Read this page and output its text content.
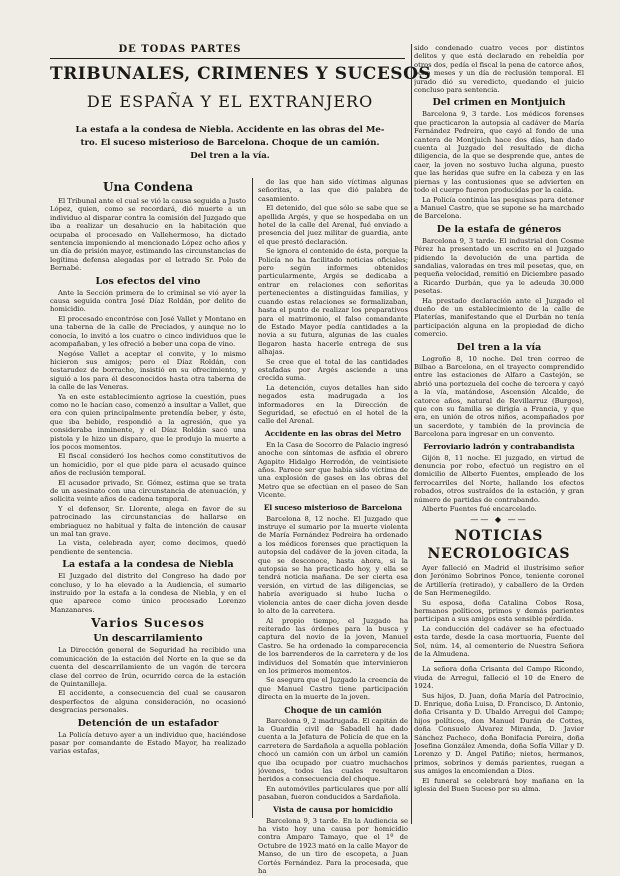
DE TODAS PARTES
TRIBUNALES, CRIMENES Y SUCESOS
DE ESPAÑA Y EL EXTRANJERO
La estafa a la condesa de Niebla. Accidente en las obras del Me-
tro. El suceso misterioso de Barcelona. Choque de un camión.
Del tren a la vía.
Una Condena

El Tribunal ante el cual se vió la causa seguida a Justo López, quien, como se recordará, dió muerte a un individuo al disparar contra la comisión del Juzgado que iba a realizar un desahucio en la habitación que ocupaba el procesado en Vallehermoso, ha dictado sentencia imponiendo al mencionado López ocho años y un día de prisión mayor, estimando las circunstancias de legítima defensa alegadas por el letrado Sr. Polo de Bernabé.

Los efectos del vino

Ante la Sección primera de lo criminal se vió ayer la causa seguida contra José Díaz Roldán, por delito de homicidio.

El procesado encontróse con José Vallet y Montano en una taberna de la calle de Preciados, y aunque no lo conocía, lo invitó a los cuatro o cinco individuos que le acompañaban, y les ofreció a beber una copa de vino.

Negóse Vallet a aceptar el convite, y lo mismo hicieron sus amigos; pero el Díaz Roldán, con testarudez de borracho, insistió en su ofrecimiento, y siguió a los para él desconocidos hasta otra taberna de la calle de las Veneras.

Ya en este establecimiento agriose la cuestión, pues como no le hacían caso, comenzó a insultar a Vallet, que era con quien principalmente pretendía beber, y éste, que iba bebido, respondió a la agresión, que ya consideraba inminente, y el Díaz Roldán sacó una pistola y le hizo un disparo, que le produjo la muerte a los pocos momentos.

El fiscal consideró los hechos como constitutivos de un homicidio, por el que pide para el acusado quince años de reclusión temporal.

El acusador privado, Sr. Gómez, estima que se trata de un asesinato con una circunstancia de atenuación, y solicita veinte años de cadena temporal.

Y el defensor, Sr. Llorente, alega en favor de su patrocinado las circunstancias de hallarse en embriaguez no habitual y falta de intención de causar un mal tan grave.

La vista, celebrada ayer, como decimos, quedó pendiente de sentencia.

La estafa a la condesa de Niebla

El Juzgado del distrito del Congreso ha dado por concluso, y lo ha elevado a la Audiencia, el sumario instruido por la estafa a la condesa de Niebla, y en el que aparece como único procesado Lorenzo Manzanares.

Varios Sucesos
Un descarrilamiento

La Dirección general de Seguridad ha recibido una comunicación de la estación del Norte en la que se da cuenta del descarrilamiento de un vagón de tercera clase del correo de Irún, ocurrido cerca de la estación de Quintanilleja.

El accidente, a consecuencia del cual se causaron desperfectos de alguna consideración, no ocasionó desgracias personales.

Detención de un estafador

La Policía detuvo ayer a un individuo que, haciéndose pasar por comandante de Estado Mayor, ha realizado varias estafas,

de las que han sido víctimas algunas señoritas, a las que dió palabra de casamiento.

El detenido, del que sólo se sabe que se apellida Argés, y que se hospedaba en un hotel de la calle del Arenal, fué enviado a presencia del juez militar de guardia, ante el que prestó declaración.

Se ignora el contenido de ésta, porque la Policía no ha facilitado noticias oficiales; pero según informes obtenidos particularmente, Argés se dedicaba a entrar en relaciones con señoritas pertenecientes a distinguidas familias, y cuando estas relaciones se formalizaban, hasta el punto de realizar los preparativos para el matrimonio, el falso comandante de Estado Mayor pedía cantidades a la novia a su futura, algunas de las cuales llegaron hasta hacerle entrega de sus alhajas.

Se cree que el total de las cantidades estafadas por Argés asciende a una crecida suma.

La detención, cuyos detalles han sido negados esta madrugada a los informadores en la Dirección de Seguridad, se efectuó en el hotel de la calle del Arenal.

Accidente en las obras del Metro

En la Casa de Socorro de Palacio ingresó anoche con síntomas de asfixia el obrero Agapito Hidalgo Herrodón, de veintisiete años. Parece ser que había sido víctima de una explosión de gases en las obras del Metro que se efectúan en el paseo de San Vicente.

El suceso misterioso de Barcelona

Barcelona 8, 12 noche. El Juzgado que instruye el sumario por la muerte violenta de María Fernández Pedreira ha ordenado a los médicos forenses que practiquen la autopsia del cadáver de la joven citada, la que se desconoce, hasta ahora, si la autopsia se ha practicado hoy, y ella se tendrá noticia mañana. De ser cierta esa versión, en virtud de las diligencias, se habría averiguado si hubo lucha o violencia antes de caer dicha joven desde lo alto de la carretera.

Al propio tiempo, el Juzgado ha reiterado las órdenes para la busca y captura del novio de la joven, Manuel Castro. Se ha ordenado la comparecencia de los barrenderos de la carretera y de los individuos del Somatén que intervinieron en los primeros momentos.

Se asegura que el Juzgado la creencia de que Manuel Castro tiene participación directa en la muerte de la joven.

Choque de un camión

Barcelona 9, 2 madrugada. El capitán de la Guardia civil de Sabadell ha dado cuenta a la Jefatura de Policía de que en la carretera de Sardañola a aquella población chocó un camión con un árbol un camión que iba ocupado por cuatro muchachos jóvenes, todos las cuales resultaron heridos a consecuencia del choque.

En automóviles particulares que por allí pasaban, fueron conducidos a Sardañola.

Vista de causa por homicidio

Barcelona 9, 3 tarde. En la Audiencia se ha visto hoy una causa por homicidio contra Amparo Tamayo, que el 1º de Octubre de 1923 mató en la calle Mayor de Manso, de un tiro de escopeta, a Juan Cortés Fernández. Para la procesada, que ha

sido condenado cuatro veces por distintos delitos y que está declarado en rebeldía por otros dos, pedía el fiscal la pena de catorce años, ocho meses y un día de reclusión temporal. El jurado dió su veredicto, quedando el juicio concluso para sentencia.

Del crimen en Montjuich

Barcelona 9, 3 tarde. Los médicos forenses que practicaron la autopsia al cadáver de María Fernández Pedreira, que cayó al fondo de una cantera de Montjuich hace dos días, han dado cuenta al Juzgado del resultado de dicha diligencia, de la que se desprende que, antes de caer, la joven no sostuvo lucha alguna, puesto que las heridas que sufre en la cabeza y en las piernas y las contusiones que se advierten en todo el cuerpo fueron producidas por la caída.

La Policía continúa las pesquisas para detener a Manuel Castro, que se supone se ha marchado de Barcelona.

De la estafa de géneros

Barcelona 9, 3 tarde. El industrial don Cosme Pérez ha presentado un escrito en el Juzgado pidiendo la devolución de una partida de sandalias, valoradas en tres mil pesetas, que, en pequeña velocidad, remitió en Diciembre pasado a Ricardo Durbán, que ya le adeuda 30.000 pesetas.

Ha prestado declaración ante el Juzgado el dueño de un establecimiento de la calle de Platerías, manifestando que el Durbán no tenía participación alguna en la propiedad de dicho comercio.

Del tren a la vía

Logroño 8, 10 noche. Del tren correo de Bilbao a Barcelona, en el trayecto comprendido entre las estaciones de Alfaro a Castejón, se abrió una portezuela del coche de tercera y cayó a la vía, matándose, Ascensión Alcalde, de catorce años, natural de Revillarruz (Burgos), que con su familia se dirigía a Francia, y que era, en unión de otros niños, acompañados por un sacerdote, y también de la provincia de Barcelona para ingresar en un convento.

Ferroviario ladrón y contrabandista

Gijón 8, 11 noche. El juzgado, en virtud de denuncia por robo, efectuó un registro en el domicilio de Alberto Fuentes, empleado de los ferrocarriles del Norte, hallando los efectos robados, otros sustraídos de la estación, y gran número de partidas de contrabando.

Alberto Fuentes fué encarcelado.

—— ◆ ——
NOTICIAS
NECROLOGICAS

Ayer falleció en Madrid el ilustrísimo señor don Jerónimo Sobrinos Ponce, teniente coronel de Artillería (retirado), y caballero de la Orden de San Hermenegildo.

Su esposa, doña Catalina Cobos Rosa, hermanos políticos, primos y demás parientes participan a sus amigos esta sensible pérdida.

La conducción del cadáver se ha efectuado esta tarde, desde la casa mortuoria, Fuente del Sol, núm. 14, al cementerio de Nuestra Señora de la Almudena.

La señora doña Crisanta del Campo Ricondo, viuda de Arregui, falleció el 10 de Enero de 1924.

Sus hijos, D. Juan, doña María del Patrocinio, D. Enrique, doña Luisa, D. Francisco, D. Antonio, doña Crisanta y D. Ubaldo Arregui del Campo; hijos políticos, don Manuel Durán de Cottes, doña Consuelo Álvarez Miranda, D. Javier Sánchez Pacheco, doña Bonifacia Pereira, doña Josefina González Amenda, doña Sofía Villar y D. Lorenzo y D. Ángel Patiño; nietos, hermanos, primos, sobrinos y demás parientes, ruegan a sus amigos la encomiendan a Dios.

El funeral se celebrará hoy mañana en la iglesia del Buen Suceso por su alma.
